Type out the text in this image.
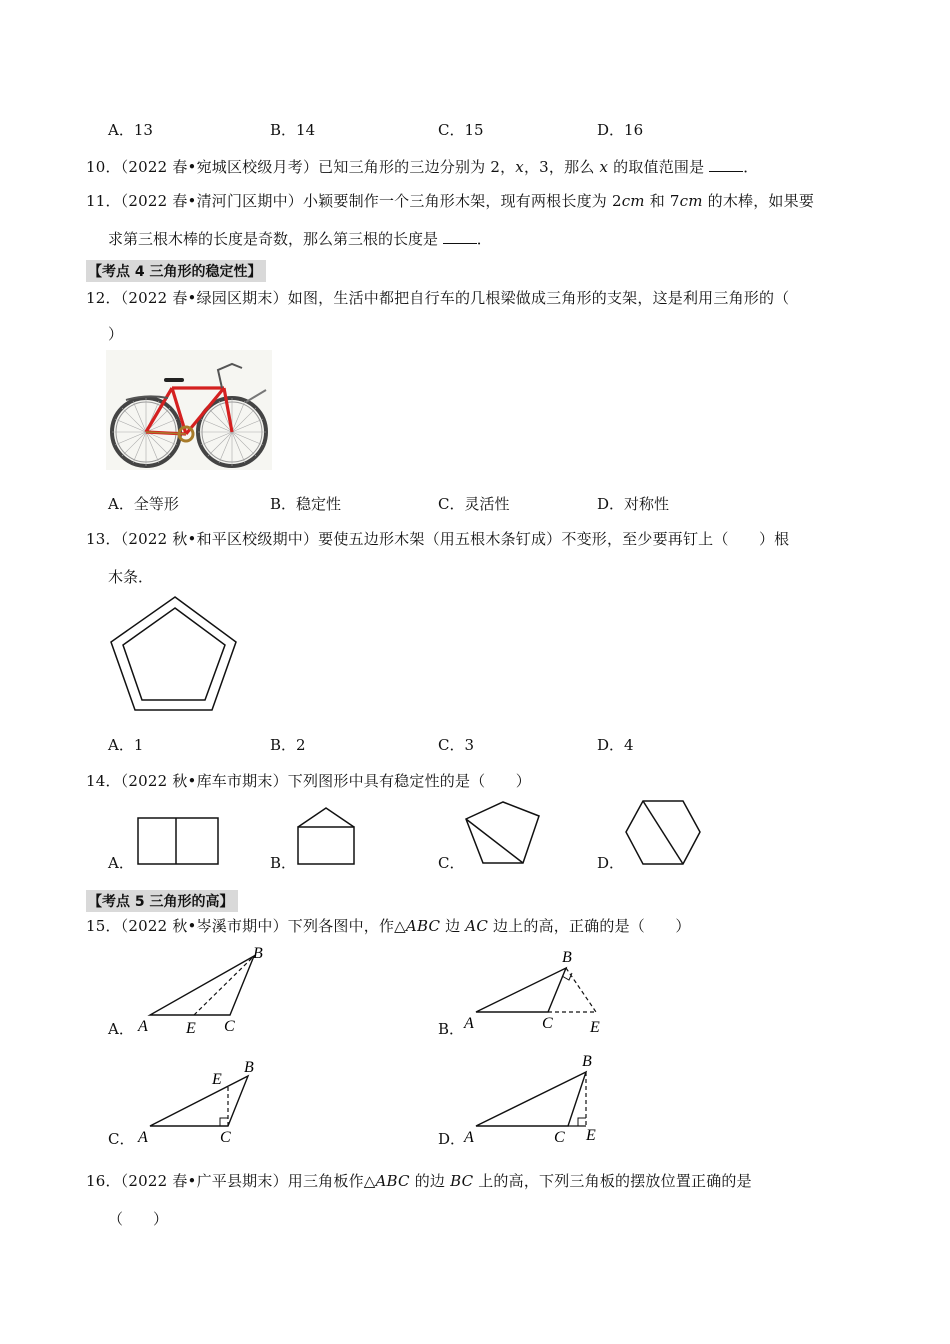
A．13	B．14	C．15	D．16
10．（2022 春•宛城区校级月考）已知三角形的三边分别为 2，x，3，那么 x 的取值范围是 ．
11．（2022 春•清河门区期中）小颖要制作一个三角形木架，现有两根长度为 2cm 和 7cm 的木棒，如果要
求第三根木棒的长度是奇数，那么第三根的长度是 ．
【考点 4 三角形的稳定性】
12．（2022 春•绿园区期末）如图，生活中都把自行车的几根梁做成三角形的支架，这是利用三角形的（
）
A．全等形	B．稳定性	C．灵活性	D．对称性
13．（2022 秋•和平区校级期中）要使五边形木架（用五根木条钉成）不变形，至少要再钉上（　　）根
木条．
A．1	B．2	C．3	D．4
14．（2022 秋•库车市期末）下列图形中具有稳定性的是（　　）
A．	B．	C．	D．
【考点 5 三角形的高】
15．（2022 秋•岑溪市期中）下列各图中，作△ABC 边 AC 边上的高，正确的是（　　）
A． A E C
B
B． A	C E
B
C． A	C
E
B
D．
A	C E
B
16．（2022 春•广平县期末）用三角板作△ABC 的边 BC 上的高，下列三角板的摆放位置正确的是
（　　）
